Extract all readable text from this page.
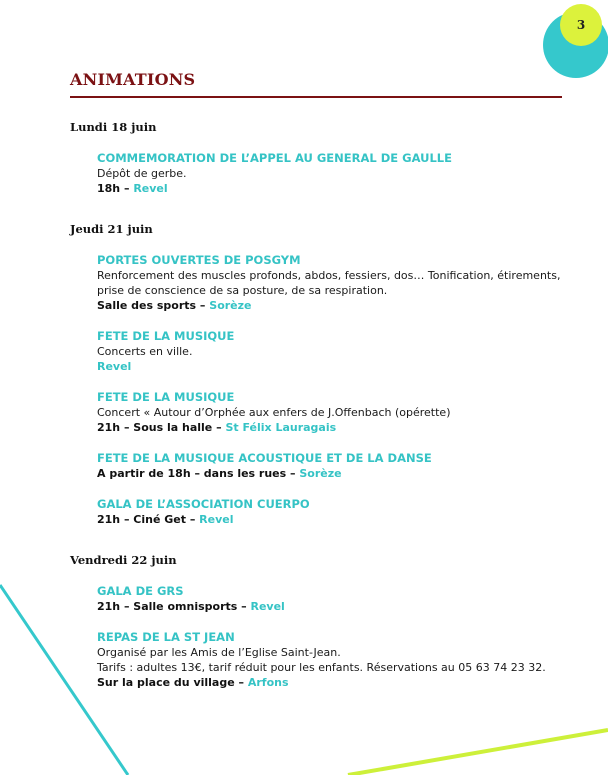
3
ANIMATIONS
Lundi 18 juin
COMMEMORATION DE L’APPEL AU GENERAL DE GAULLE
Dépôt de gerbe.
18h – Revel
Jeudi 21 juin
PORTES OUVERTES DE POSGYM
Renforcement des muscles profonds, abdos, fessiers, dos… Tonification, étirements,
prise de conscience de sa posture, de sa respiration.
Salle des sports – Sorèze
FETE DE LA MUSIQUE
Concerts en ville.
Revel
FETE DE LA MUSIQUE
Concert « Autour d’Orphée aux enfers de J.Offenbach (opérette)
21h – Sous la halle – St Félix Lauragais
FETE DE LA MUSIQUE ACOUSTIQUE ET DE LA DANSE
A partir de 18h – dans les rues – Sorèze
GALA DE L’ASSOCIATION CUERPO
21h – Ciné Get – Revel
Vendredi 22 juin
GALA DE GRS
21h – Salle omnisports – Revel
REPAS DE LA ST JEAN
Organisé par les Amis de l’Eglise Saint-Jean.
Tarifs : adultes 13€, tarif réduit pour les enfants. Réservations au 05 63 74 23 32.
Sur la place du village – Arfons
